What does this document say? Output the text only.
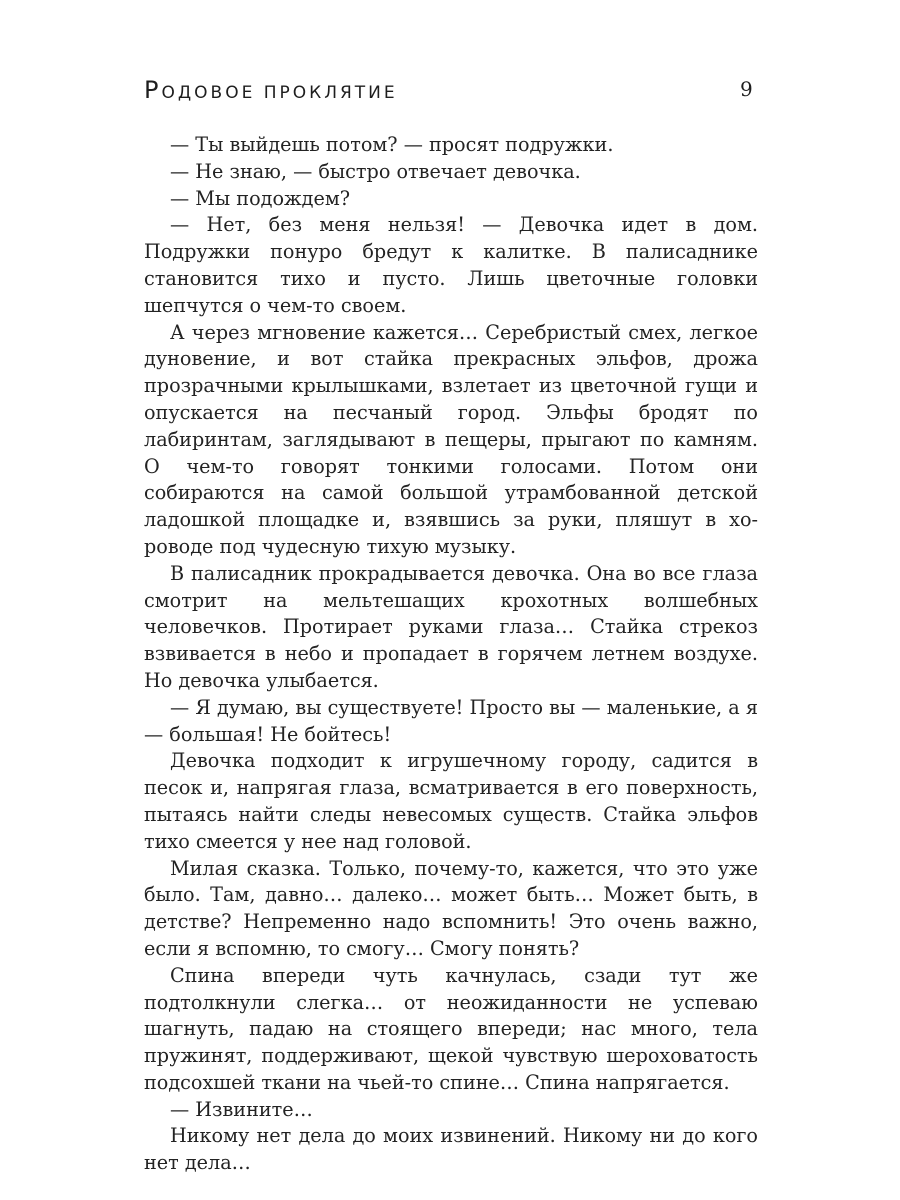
РОДОВОЕ ПРОКЛЯТИЕ	9

— Ты выйдешь потом? — просят подружки.

— Не знаю, — быстро отвечает девочка.

— Мы подождем?

— Нет, без меня нельзя! — Девочка идет в дом. Подружки понуро бредут к калитке. В палисаднике становится тихо и пусто. Лишь цветочные головки шепчутся о чем-то своем.

А через мгновение кажется… Серебристый смех, легкое дуновение, и вот стайка прекрасных эльфов, дрожа прозрачными крылышками, взлетает из цветочной гущи и опускается на песчаный город. Эльфы бродят по лабиринтам, заглядывают в пещеры, прыгают по камням. О чем-то говорят тонкими голосами. Потом они собираются на самой большой утрамбованной детской ладошкой площадке и, взявшись за руки, пляшут в хороводе под чудесную тихую музыку.

В палисадник прокрадывается девочка. Она во все глаза смотрит на мельтешащих крохотных волшебных человечков. Протирает руками глаза… Стайка стрекоз взвивается в небо и пропадает в горячем летнем воздухе. Но девочка улыбается.

— Я думаю, вы существуете! Просто вы — маленькие, а я — большая! Не бойтесь!

Девочка подходит к игрушечному городу, садится в песок и, напрягая глаза, всматривается в его поверхность, пытаясь найти следы невесомых существ. Стайка эльфов тихо смеется у нее над головой.

Милая сказка. Только, почему-то, кажется, что это уже было. Там, давно… далеко… может быть… Может быть, в детстве? Непременно надо вспомнить! Это очень важно, если я вспомню, то смогу… Смогу понять?

Спина впереди чуть качнулась, сзади тут же подтолкнули слегка… от неожиданности не успеваю шагнуть, падаю на стоящего впереди; нас много, тела пружинят, поддерживают, щекой чувствую шероховатость подсохшей ткани на чьей-то спине… Спина напрягается.

— Извините…

Никому нет дела до моих извинений. Никому ни до кого нет дела…
